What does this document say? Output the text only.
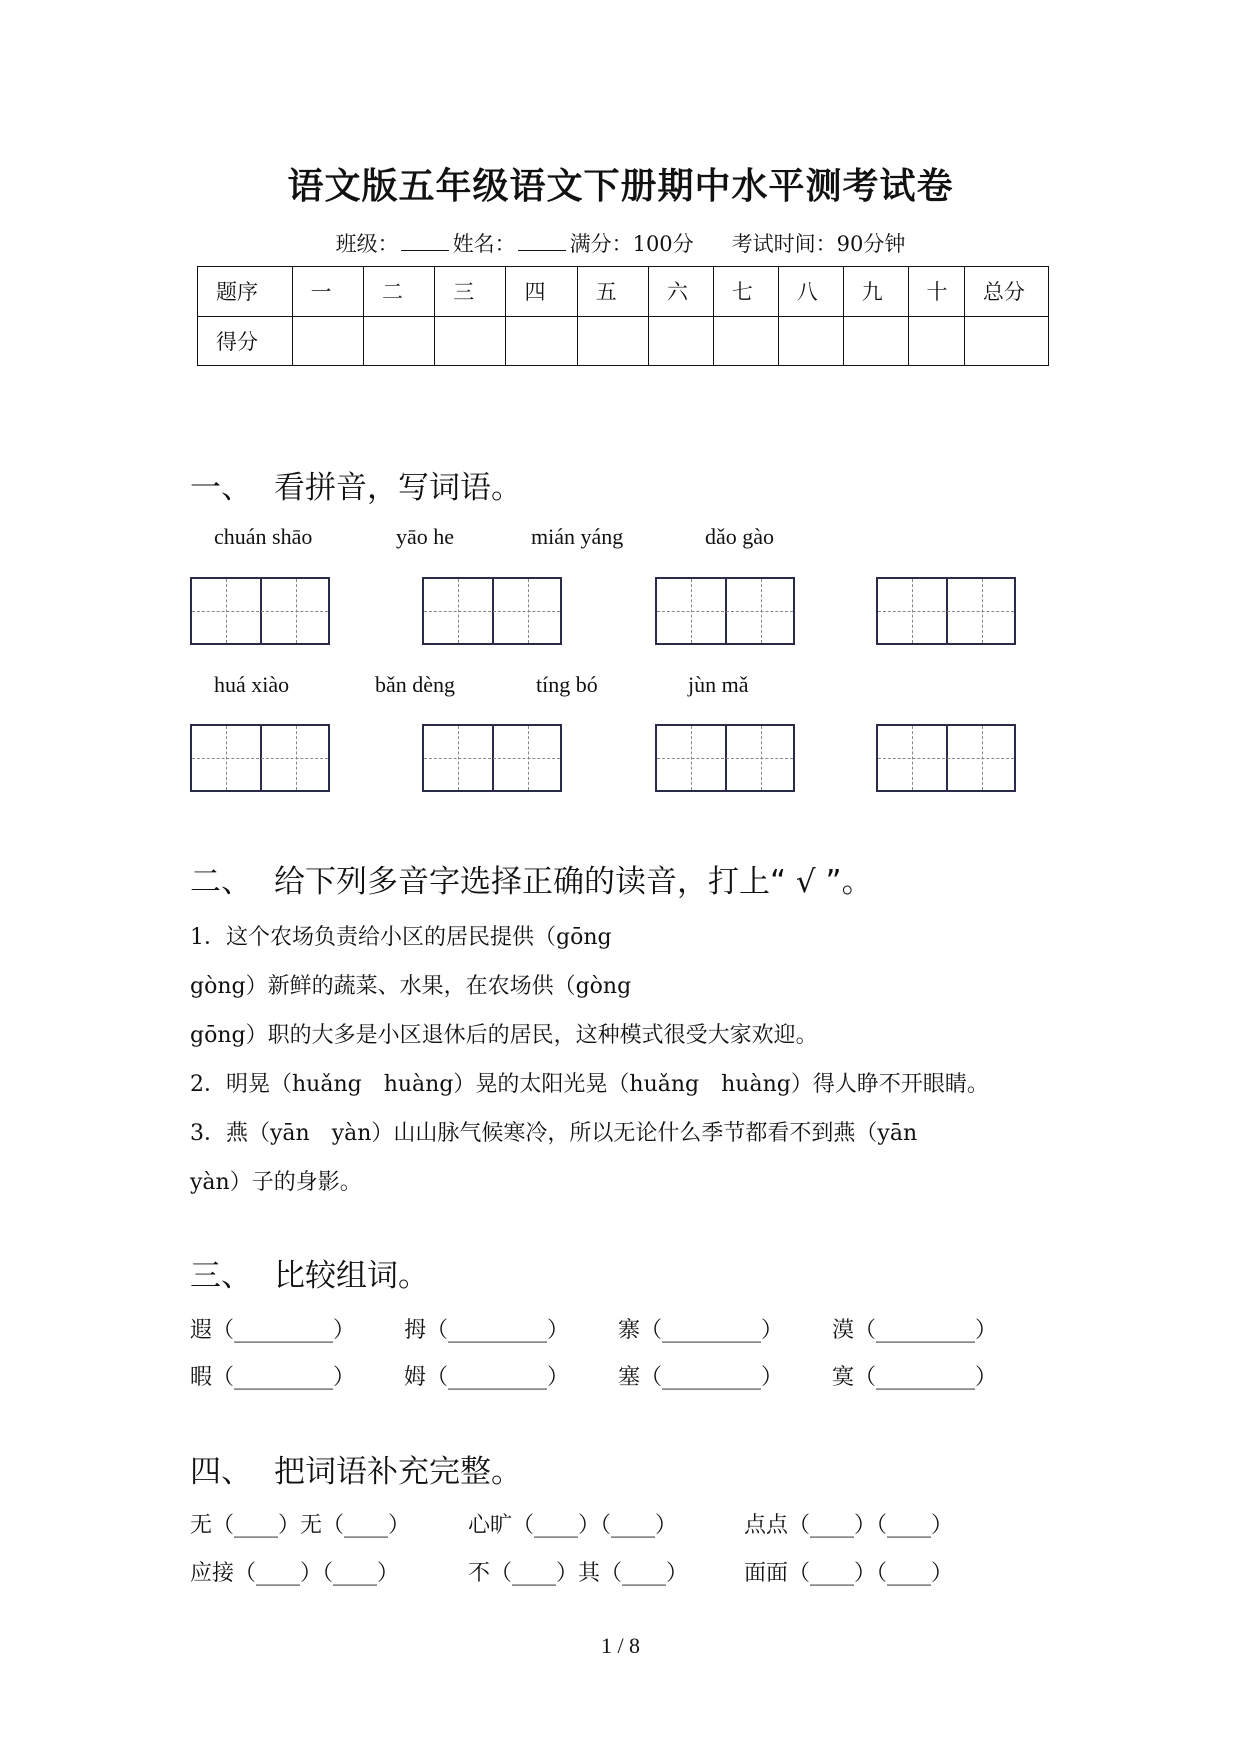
语文版五年级语文下册期中水平测考试卷
班级：	姓名：	满分：100分 考试时间：90分钟
题序	一	二	三	四	五	六	七	八	九	十	总分
得分											
一、 看拼音，写词语。
chuán shāo	yāo he	mián yáng	dǎo gào
huá xiào	bǎn dèng	tíng bó	jùn mǎ
二、 给下列多音字选择正确的读音，打上“ √ ”。
1．这个农场负责给小区的居民提供（gōng
gòng）新鲜的蔬菜、水果，在农场供（gòng
gōng）职的大多是小区退休后的居民，这种模式很受大家欢迎。
2．明晃（huǎng　huàng）晃的太阳光晃（huǎng　huàng）得人睁不开眼睛。
3．燕（yān　yàn）山山脉气候寒冷，所以无论什么季节都看不到燕（yān
yàn）子的身影。
三、 比较组词。
遐（_________） 拇（_________） 寨（_________） 漠（_________）
暇（_________） 姆（_________） 塞（_________） 寞（_________）
四、 把词语补充完整。
无（____）无（____）	心旷（____）（____）	点点（____）（____）
应接（____）（____）	不（____）其（____）	面面（____）（____）
1 / 8
